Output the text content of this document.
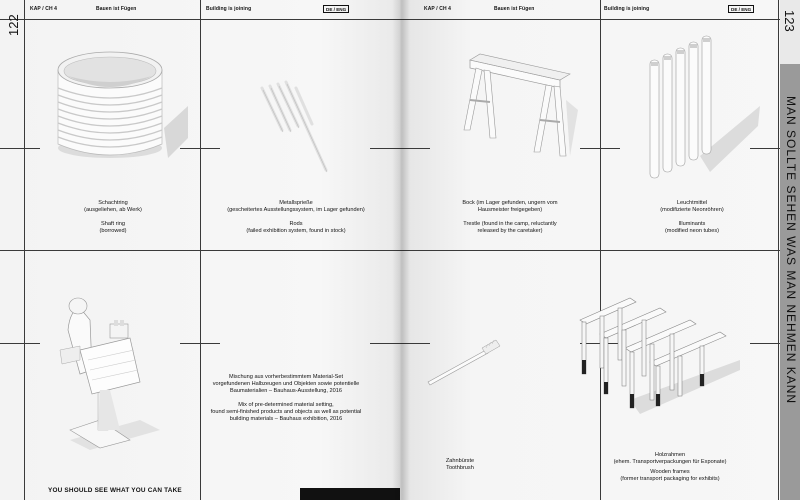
122
KAP / CH 4	Bauen ist Fügen	Building is joining	DE / ENG
Schachtring
(ausgeliehen, ab Werk)
Shaft ring
(borrowed)
Metallspriеße
(gescheitertes Ausstellungssystem, im Lager gefunden)
Rods
(failed exhibition system, found in stock)
Mischung aus vorherbestimmtem Material-Set
vorgefundenen Halbzeugen und Objekten sowie potentielle
Baumaterialien – Bauhaus-Ausstellung, 2016
Mix of pre-determined material setting,
found semi-finished products and objects as well as potential
building materials – Bauhaus exhibition, 2016
YOU SHOULD SEE WHAT YOU CAN TAKE
KAP / CH 4	Bauen ist Fügen	Building is joining	DE / ENG
Bock (im Lager gefunden, ungern vom
Hausmeister freigegeben)
Trestle (found in the camp, reluctantly
released by the caretaker)
Leuchtmittel
(modifizierte Neonröhren)
Illuminants
(modified neon tubes)
Zahnbürste
Toothbrush
Holzrahmen
(ehem. Transportverpackungen für Exponate)
Wooden frames
(former transport packaging for exhibits)
123
MAN SOLLTE SEHEN WAS MAN NEHMEN KANN
